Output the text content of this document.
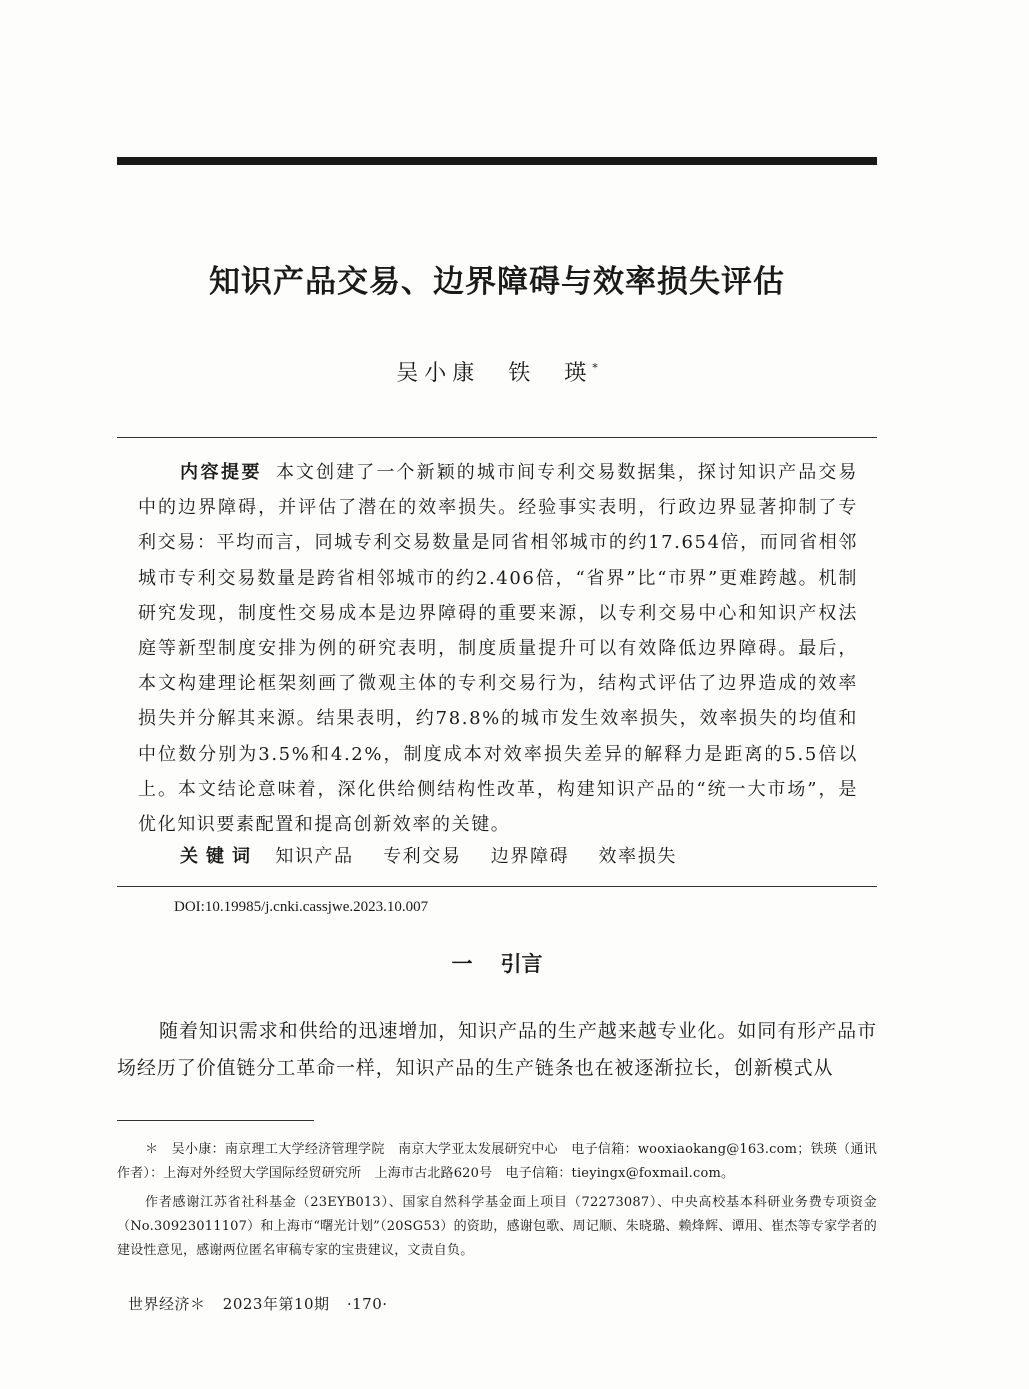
知识产品交易、边界障碍与效率损失评估
吴小康　铁　瑛*

内容提要 本文创建了一个新颖的城市间专利交易数据集，探讨知识产品交易中的边界障碍，并评估了潜在的效率损失。经验事实表明，行政边界显著抑制了专利交易：平均而言，同城专利交易数量是同省相邻城市的约17.654倍，而同省相邻城市专利交易数量是跨省相邻城市的约2.406倍，“省界”比“市界”更难跨越。机制研究发现，制度性交易成本是边界障碍的重要来源，以专利交易中心和知识产权法庭等新型制度安排为例的研究表明，制度质量提升可以有效降低边界障碍。最后，本文构建理论框架刻画了微观主体的专利交易行为，结构式评估了边界造成的效率损失并分解其来源。结果表明，约78.8%的城市发生效率损失，效率损失的均值和中位数分别为3.5%和4.2%，制度成本对效率损失差异的解释力是距离的5.5倍以上。本文结论意味着，深化供给侧结构性改革，构建知识产品的“统一大市场”，是优化知识要素配置和提高创新效率的关键。

关键词 知识产品 专利交易 边界障碍 效率损失
DOI:10.19985/j.cnki.cassjwe.2023.10.007
一 引言

随着知识需求和供给的迅速增加，知识产品的生产越来越专业化。如同有形产品市场经历了价值链分工革命一样，知识产品的生产链条也在被逐渐拉长，创新模式从

＊　吴小康：南京理工大学经济管理学院　南京大学亚太发展研究中心　电子信箱：wooxiaokang@163.com；铁瑛（通讯作者）：上海对外经贸大学国际经贸研究所　上海市古北路620号　电子信箱：tieyingx@foxmail.com。

作者感谢江苏省社科基金（23EYB013）、国家自然科学基金面上项目（72273087）、中央高校基本科研业务费专项资金（No.30923011107）和上海市“曙光计划”（20SG53）的资助，感谢包歌、周记顺、朱晓璐、赖烽辉、谭用、崔杰等专家学者的建设性意见，感谢两位匿名审稿专家的宝贵建议，文责自负。

世界经济＊ 2023年第10期 ·170·
